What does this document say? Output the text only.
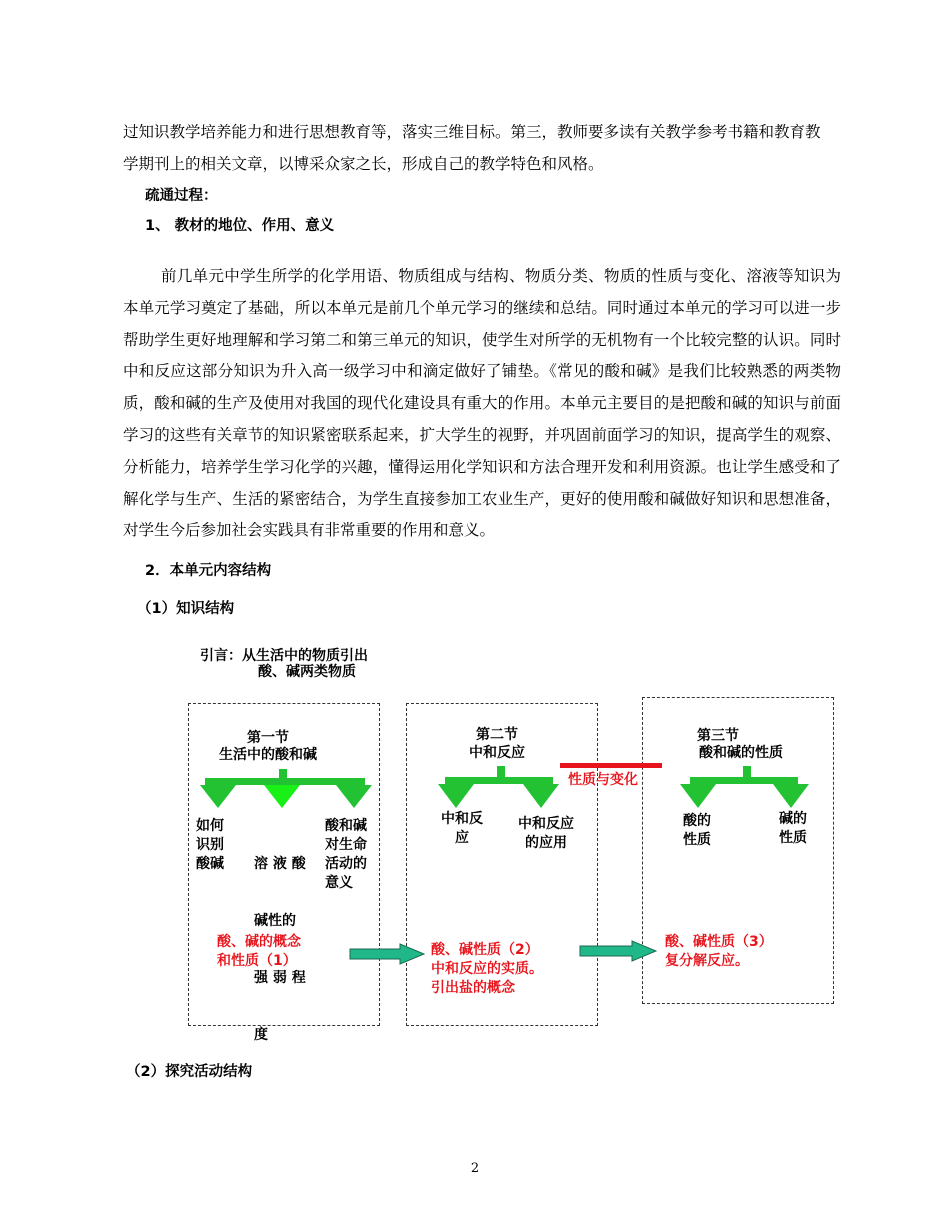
过知识教学培养能力和进行思想教育等，落实三维目标。第三，教师要多读有关教学参考书籍和教育教
学期刊上的相关文章，以博采众家之长，形成自己的教学特色和风格。
疏通过程：
1、 教材的地位、作用、意义
前几单元中学生所学的化学用语、物质组成与结构、物质分类、物质的性质与变化、溶液等知识为本单元学习奠定了基础，所以本单元是前几个单元学习的继续和总结。同时通过本单元的学习可以进一步帮助学生更好地理解和学习第二和第三单元的知识，使学生对所学的无机物有一个比较完整的认识。同时中和反应这部分知识为升入高一级学习中和滴定做好了铺垫。《常见的酸和碱》是我们比较熟悉的两类物质，酸和碱的生产及使用对我国的现代化建设具有重大的作用。本单元主要目的是把酸和碱的知识与前面学习的这些有关章节的知识紧密联系起来，扩大学生的视野，并巩固前面学习的知识，提高学生的观察、分析能力，培养学生学习化学的兴趣，懂得运用化学知识和方法合理开发和利用资源。也让学生感受和了解化学与生产、生活的紧密结合，为学生直接参加工农业生产，更好的使用酸和碱做好知识和思想准备，对学生今后参加社会实践具有非常重要的作用和意义。
2．本单元内容结构
（1）知识结构
引言：从生活中的物质引出
酸、碱两类物质
第一节
生活中的酸和碱
如何
识别
酸碱

溶 液 酸

碱性的

强 弱 程

度

酸和碱
对生命
活动的
意义
酸、碱的概念
和性质（1）
第二节
中和反应
中和反
应
中和反应
的应用
酸、碱性质（2）
中和反应的实质。
引出盐的概念
性质与变化
第三节
酸和碱的性质
酸的
性质
碱的
性质
酸、碱性质（3）
复分解反应。
（2）探究活动结构
2
